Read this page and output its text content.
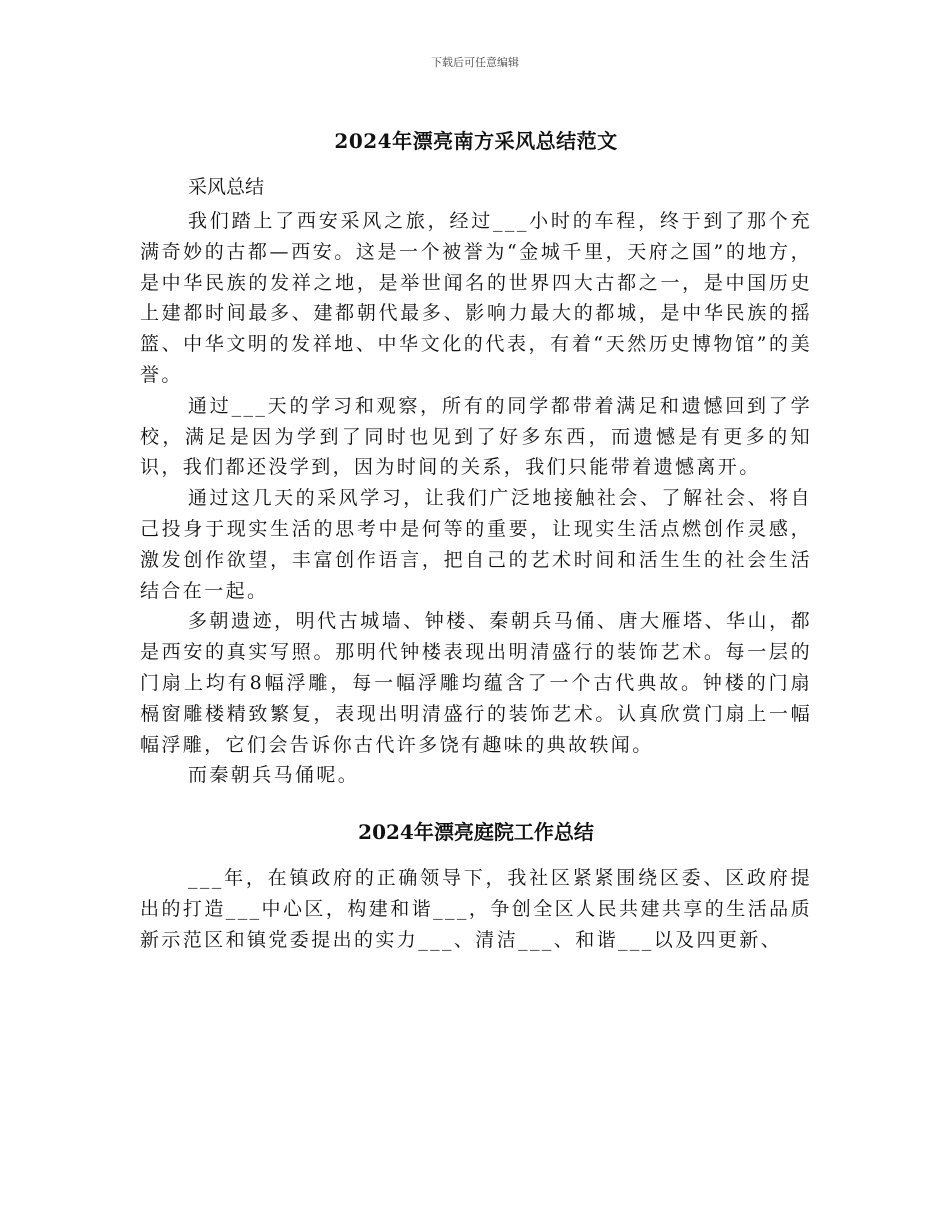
下载后可任意编辑
2024年漂亮南方采风总结范文
采风总结

我们踏上了西安采风之旅，经过___小时的车程，终于到了那个充满奇妙的古都—西安。这是一个被誉为“金城千里，天府之国”的地方，是中华民族的发祥之地，是举世闻名的世界四大古都之一，是中国历史上建都时间最多、建都朝代最多、影响力最大的都城，是中华民族的摇篮、中华文明的发祥地、中华文化的代表，有着“天然历史博物馆”的美誉。

通过___天的学习和观察，所有的同学都带着满足和遗憾回到了学校，满足是因为学到了同时也见到了好多东西，而遗憾是有更多的知识，我们都还没学到，因为时间的关系，我们只能带着遗憾离开。

通过这几天的采风学习，让我们广泛地接触社会、了解社会、将自己投身于现实生活的思考中是何等的重要，让现实生活点燃创作灵感，激发创作欲望，丰富创作语言，把自己的艺术时间和活生生的社会生活结合在一起。

多朝遗迹，明代古城墙、钟楼、秦朝兵马俑、唐大雁塔、华山，都是西安的真实写照。那明代钟楼表现出明清盛行的装饰艺术。每一层的门扇上均有8幅浮雕，每一幅浮雕均蕴含了一个古代典故。钟楼的门扇槅窗雕楼精致繁复，表现出明清盛行的装饰艺术。认真欣赏门扇上一幅幅浮雕，它们会告诉你古代许多饶有趣味的典故轶闻。

而秦朝兵马俑呢。

2024年漂亮庭院工作总结

___年，在镇政府的正确领导下，我社区紧紧围绕区委、区政府提出的打造___中心区，构建和谐___，争创全区人民共建共享的生活品质新示范区和镇党委提出的实力___、清洁___、和谐___以及四更新、
